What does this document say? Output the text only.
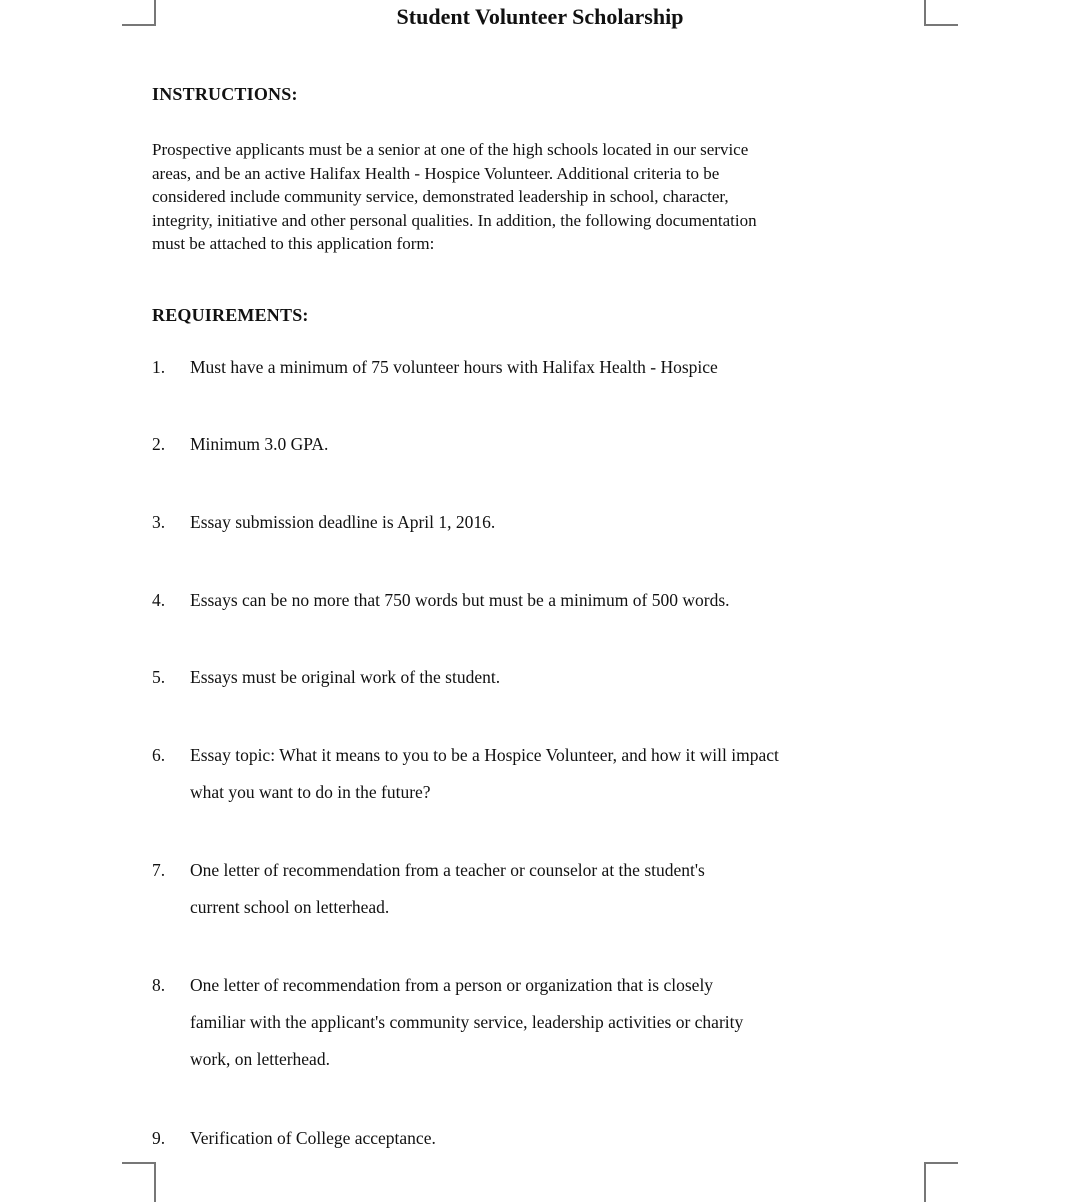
Student Volunteer Scholarship
INSTRUCTIONS:
Prospective applicants must be a senior at one of the high schools located in our service
areas, and be an active Halifax Health - Hospice Volunteer. Additional criteria to be
considered include community service, demonstrated leadership in school, character,
integrity, initiative and other personal qualities. In addition, the following documentation
must be attached to this application form:
REQUIREMENTS:
1.	Must have a minimum of 75 volunteer hours with Halifax Health - Hospice
2.	Minimum 3.0 GPA.
3.	Essay submission deadline is April 1, 2016.
4.	Essays can be no more that 750 words but must be a minimum of 500 words.
5.	Essays must be original work of the student.
6.	Essay topic: What it means to you to be a Hospice Volunteer, and how it will impact
what you want to do in the future?
7.	One letter of recommendation from a teacher or counselor at the student's
current school on letterhead.
8.	One letter of recommendation from a person or organization that is closely
familiar with the applicant's community service, leadership activities or charity
work, on letterhead.
9.	Verification of College acceptance.
